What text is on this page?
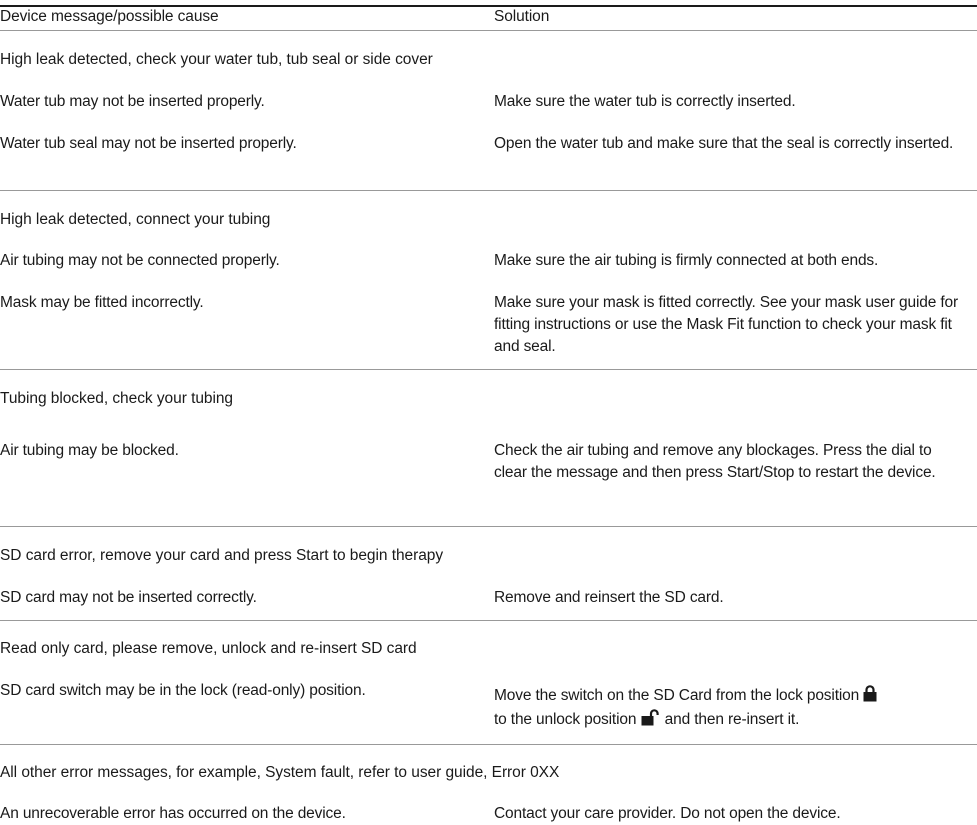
Device message/possible cause	Solution
High leak detected, check your water tub, tub seal or side cover
Water tub may not be inserted properly.	Make sure the water tub is correctly inserted.
Water tub seal may not be inserted properly.	Open the water tub and make sure that the seal is correctly inserted.
High leak detected, connect your tubing
Air tubing may not be connected properly.	Make sure the air tubing is firmly connected at both ends.
Mask may be fitted incorrectly.	Make sure your mask is fitted correctly. See your mask user guide for fitting instructions or use the Mask Fit function to check your mask fit and seal.
Tubing blocked, check your tubing
Air tubing may be blocked.	Check the air tubing and remove any blockages. Press the dial to clear the message and then press Start/Stop to restart the device.
SD card error, remove your card and press Start to begin therapy
SD card may not be inserted correctly.	Remove and reinsert the SD card.
Read only card, please remove, unlock and re-insert SD card
SD card switch may be in the lock (read-only) position.	Move the switch on the SD Card from the lock position
to the unlock position and then re-insert it.
All other error messages, for example, System fault, refer to user guide, Error 0XX
An unrecoverable error has occurred on the device.	Contact your care provider. Do not open the device.
